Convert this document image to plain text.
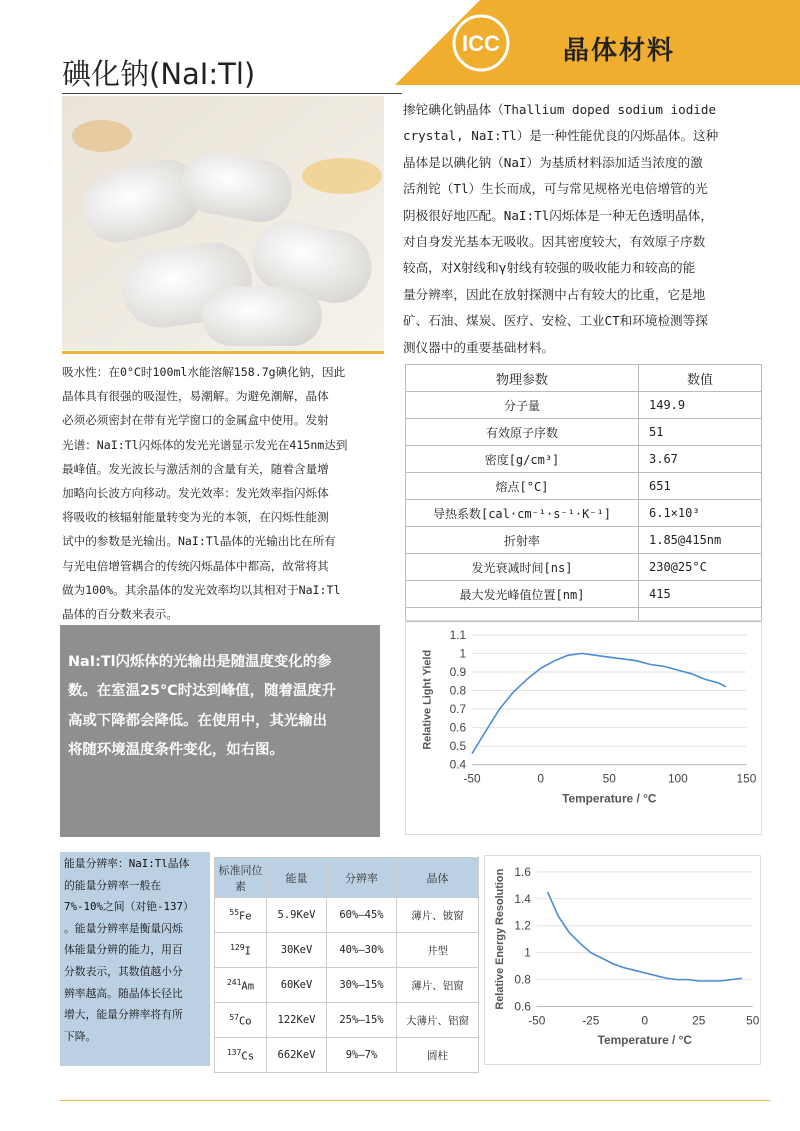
ICC 晶体材料
碘化钠(NaI:Tl)
掺铊碘化钠晶体（Thallium doped sodium iodide
crystal, NaI:Tl）是一种性能优良的闪烁晶体。这种
晶体是以碘化钠（NaI）为基质材料添加适当浓度的激
活剂铊（Tl）生长而成，可与常见规格光电倍增管的光
阴极很好地匹配。NaI:Tl闪烁体是一种无色透明晶体，
对自身发光基本无吸收。因其密度较大，有效原子序数
较高，对X射线和γ射线有较强的吸收能力和较高的能
量分辨率，因此在放射探测中占有较大的比重，它是地
矿、石油、煤炭、医疗、安检、工业CT和环境检测等探
测仪器中的重要基础材料。
吸水性：在0°C时100ml水能溶解158.7g碘化钠，因此
晶体具有很强的吸湿性，易潮解。为避免潮解，晶体
必须必须密封在带有光学窗口的金属盒中使用。发射
光谱：NaI:Tl闪烁体的发光光谱显示发光在415nm达到
最峰值。发光波长与激活剂的含量有关，随着含量增
加略向长波方向移动。发光效率：发光效率指闪烁体
将吸收的核辐射能量转变为光的本领，在闪烁性能测
试中的参数是光输出。NaI:Tl晶体的光输出比在所有
与光电倍增管耦合的传统闪烁晶体中都高，故常将其
做为100%。其余晶体的发光效率均以其相对于NaI:Tl
晶体的百分数来表示。
物理参数	数值
分子量	149.9
有效原子序数	51
密度[g/cm³]	3.67
熔点[°C]	651
导热系数[cal·cm⁻¹·s⁻¹·K⁻¹]	6.1×10³
折射率	1.85@415nm
发光衰减时间[ns]	230@25°C
最大发光峰值位置[nm]	415

NaI:Tl闪烁体的光输出是随温度变化的参
数。在室温25°C时达到峰值，随着温度升
高或下降都会降低。在使用中，其光输出
将随环境温度条件变化，如右图。
0.4
0.5
0.6
0.7
0.8
0.9
1
1.1
-50	0	50	100	150
Temperature / °C
Relative Light Yield
能量分辨率：NaI:Tl晶体
的能量分辨率一般在
7%-10%之间（对铯-137）
。能量分辨率是衡量闪烁
体能量分辨的能力，用百
分数表示，其数值越小分
辨率越高。随晶体长径比
增大，能量分辨率将有所
下降。
标准同位素	能量	分辨率	晶体
$^{55}$Fe	5.9KeV	60%—45%	薄片、铍窗
$^{129}$I	30KeV	40%—30%	井型
$^{241}$Am	60KeV	30%—15%	薄片、铝窗
$^{57}$Co	122KeV	25%—15%	大薄片、铝窗
$^{137}$Cs	662KeV	9%—7%	圆柱
0.6
0.8
1
1.2
1.4
1.6
-50	-25	0	25	50
Temperature / °C
Relative Energy Resolution
